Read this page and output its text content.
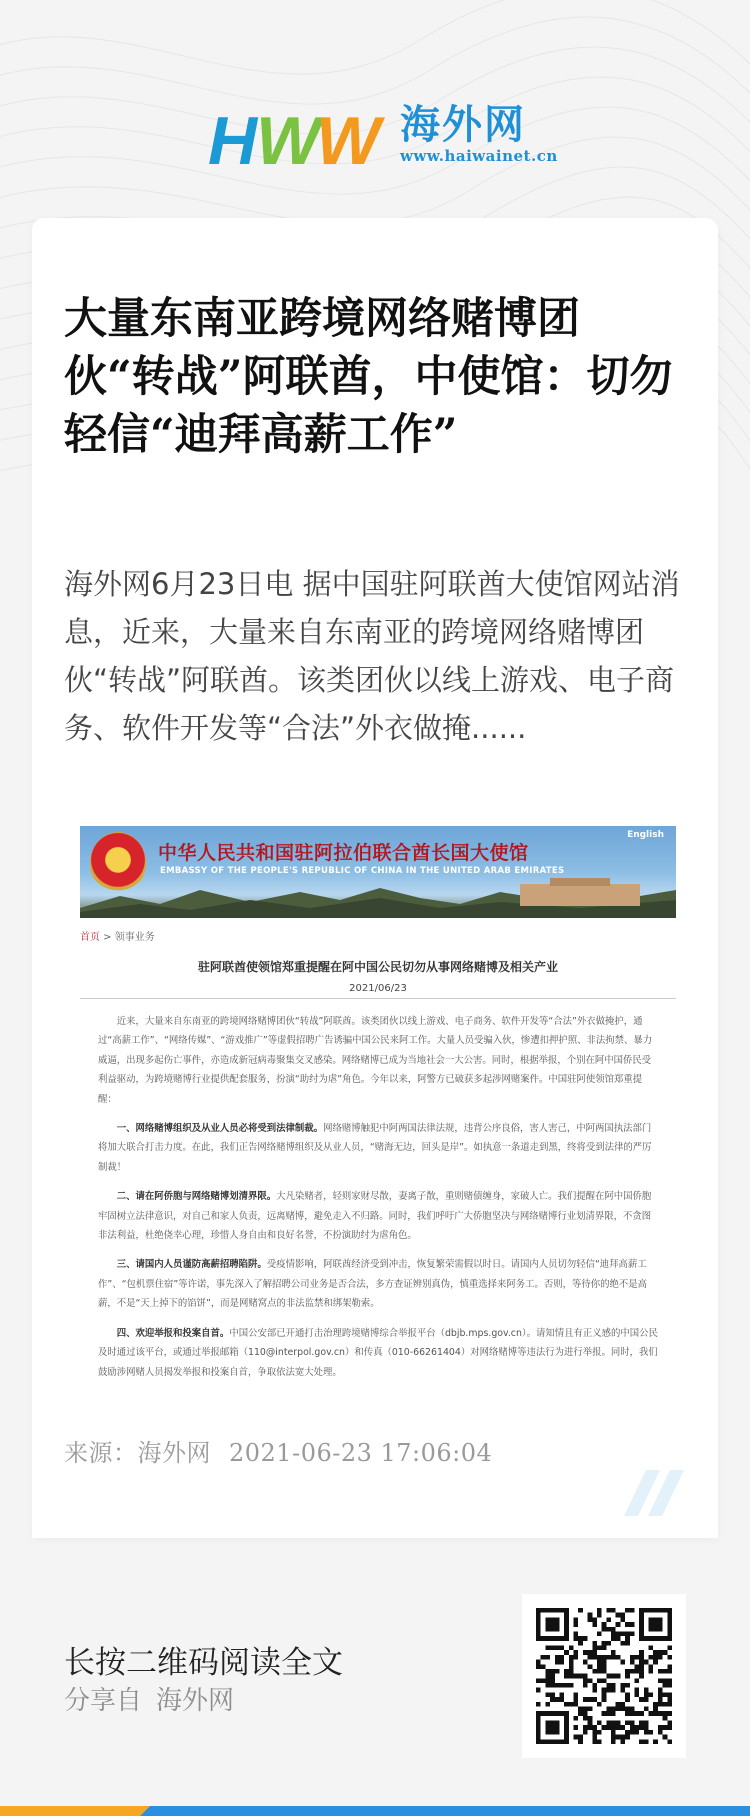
H
W
W 海外网
www.haiwainet.cn
大量东南亚跨境网络赌博团伙“转战”阿联酋，中使馆：切勿轻信“迪拜高薪工作”

海外网6月23日电 据中国驻阿联酋大使馆网站消息，近来，大量来自东南亚的跨境网络赌博团伙“转战”阿联酋。该类团伙以线上游戏、电子商务、软件开发等“合法”外衣做掩......

中华人民共和国驻阿拉伯联合酋长国大使馆
EMBASSY OF THE PEOPLE'S REPUBLIC OF CHINA IN THE UNITED ARAB EMIRATES
English
首页 > 领事业务
驻阿联酋使领馆郑重提醒在阿中国公民切勿从事网络赌博及相关产业
2021/06/23

近来，大量来自东南亚的跨境网络赌博团伙“转战”阿联酋。该类团伙以线上游戏、电子商务、软件开发等“合法”外衣做掩护，通过“高薪工作”、“网络传媒”、“游戏推广”等虚假招聘广告诱骗中国公民来阿工作。大量人员受骗入伙，惨遭扣押护照、非法拘禁、暴力威逼，出现多起伤亡事件，亦造成新冠病毒聚集交叉感染。网络赌博已成为当地社会一大公害。同时，根据举报，个别在阿中国侨民受利益驱动，为跨境赌博行业提供配套服务，扮演“助纣为虐”角色。今年以来，阿警方已破获多起涉网赌案件。中国驻阿使领馆郑重提醒：

一、网络赌博组织及从业人员必将受到法律制裁。网络赌博触犯中阿两国法律法规，违背公序良俗，害人害己，中阿两国执法部门将加大联合打击力度。在此，我们正告网络赌博组织及从业人员，“赌海无边，回头是岸”。如执意一条道走到黑，终将受到法律的严厉制裁！

二、请在阿侨胞与网络赌博划清界限。大凡染赌者，轻则家财尽散，妻离子散，重则赌债缠身，家破人亡。我们提醒在阿中国侨胞牢固树立法律意识，对自己和家人负责，远离赌博，避免走入不归路。同时，我们呼吁广大侨胞坚决与网络赌博行业划清界限，不贪图非法利益，杜绝侥幸心理，珍惜人身自由和良好名誉，不扮演助纣为虐角色。

三、请国内人员谨防高薪招聘陷阱。受疫情影响，阿联酋经济受到冲击，恢复繁荣需假以时日。请国内人员切勿轻信“迪拜高薪工作”、“包机票住宿”等许诺，事先深入了解招聘公司业务是否合法，多方查证辨别真伪，慎重选择来阿务工。否则，等待你的绝不是高薪，不是“天上掉下的馅饼”，而是网赌窝点的非法监禁和绑架勒索。

四、欢迎举报和投案自首。中国公安部已开通打击治理跨境赌博综合举报平台（dbjb.mps.gov.cn）。请知情且有正义感的中国公民及时通过该平台，或通过举报邮箱（110@interpol.gov.cn）和传真（010-66261404）对网络赌博等违法行为进行举报。同时，我们鼓励涉网赌人员揭发举报和投案自首，争取依法宽大处理。

来源：海外网 2021-06-23 17:06:04
长按二维码阅读全文
分享自 海外网
